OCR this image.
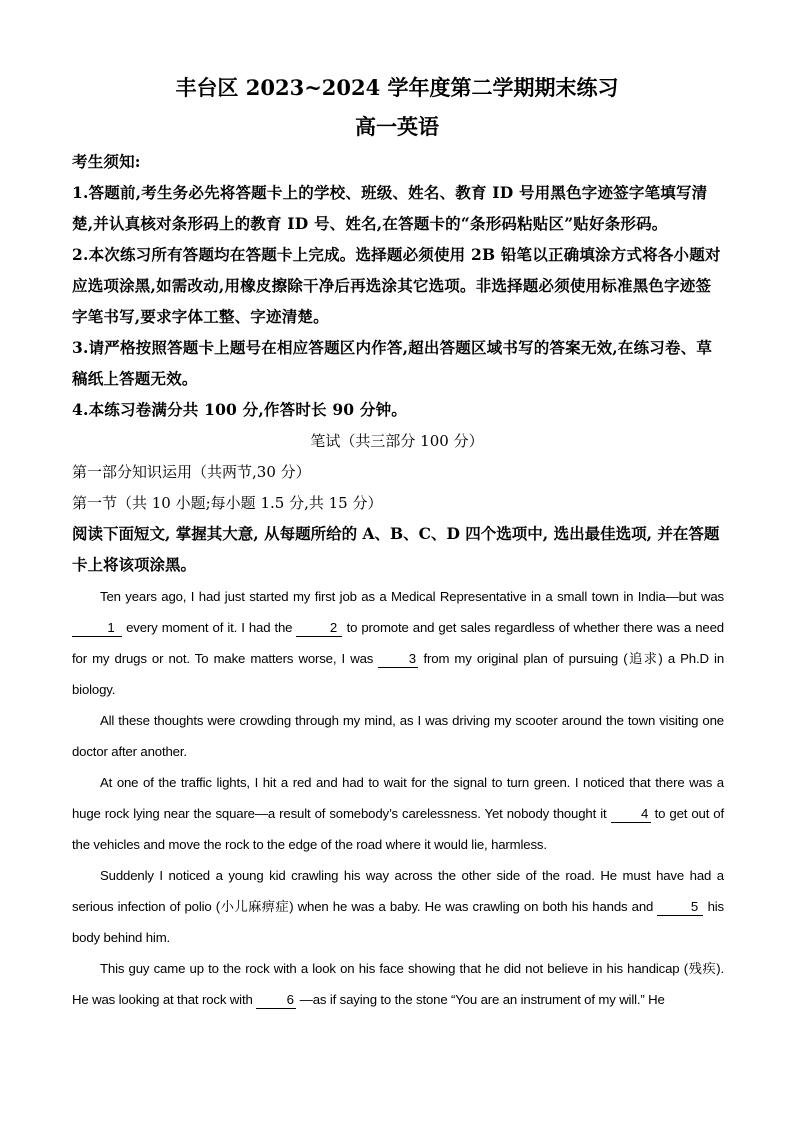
丰台区 2023~2024 学年度第二学期期末练习
高一英语
考生须知:
1.答题前,考生务必先将答题卡上的学校、班级、姓名、教育 ID 号用黑色字迹签字笔填写清楚,并认真核对条形码上的教育 ID 号、姓名,在答题卡的“条形码粘贴区”贴好条形码。
2.本次练习所有答题均在答题卡上完成。选择题必须使用 2B 铅笔以正确填涂方式将各小题对应选项涂黑,如需改动,用橡皮擦除干净后再选涂其它选项。非选择题必须使用标准黑色字迹签字笔书写,要求字体工整、字迹清楚。
3.请严格按照答题卡上题号在相应答题区内作答,超出答题区域书写的答案无效,在练习卷、草稿纸上答题无效。
4.本练习卷满分共 100 分,作答时长 90 分钟。
笔试（共三部分 100 分）
第一部分知识运用（共两节,30 分）
第一节（共 10 小题;每小题 1.5 分,共 15 分）
阅读下面短文, 掌握其大意, 从每题所给的 A、B、C、D 四个选项中, 选出最佳选项, 并在答题卡上将该项涂黑。

Ten years ago, I had just started my first job as a Medical Representative in a small town in India—but was 1 every moment of it. I had the	2 to promote and get sales regardless of whether there was a need for my drugs or not. To make matters worse, I was 3 from my original plan of pursuing (追求) a Ph.D in biology.

All these thoughts were crowding through my mind, as I was driving my scooter around the town visiting one doctor after another.

At one of the traffic lights, I hit a red and had to wait for the signal to turn green. I noticed that there was a huge rock lying near the square—a result of somebody’s carelessness. Yet nobody thought it 4 to get out of the vehicles and move the rock to the edge of the road where it would lie, harmless.

Suddenly I noticed a young kid crawling his way across the other side of the road. He must have had a serious infection of polio (小儿麻痹症) when he was a baby. He was crawling on both his hands and	5 his body behind him.

This guy came up to the rock with a look on his face showing that he did not believe in his handicap (残疾). He was looking at that rock with 6 —as if saying to the stone “You are an instrument of my will.” He
